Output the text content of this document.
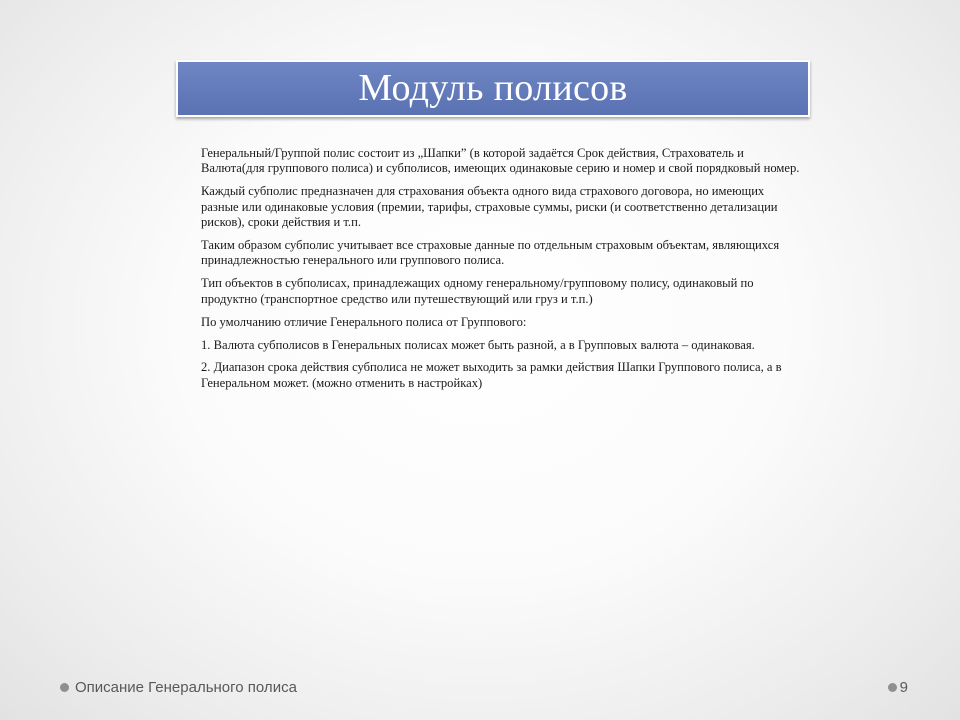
Модуль полисов

Генеральный/Группой полис состоит из „Шапки” (в которой задаётся Срок действия, Страхователь и Валюта(для группового полиса) и субполисов, имеющих одинаковые серию и номер и свой порядковый номер.

Каждый субполис предназначен для страхования объекта одного вида страхового договора, но имеющих разные или одинаковые условия (премии, тарифы, страховые суммы, риски (и соответственно детализации рисков), сроки действия и т.п.

Таким образом субполис учитывает все страховые данные по отдельным страховым объектам, являющихся принадлежностью генерального или группового полиса.

Тип объектов в субполисах, принадлежащих одному генеральному/групповому полису, одинаковый по продуктно (транспортное средство или путешествующий или груз и т.п.)

По умолчанию отличие Генерального полиса от Группового:

1. Валюта субполисов в Генеральных полисах может быть разной, а в Групповых валюта – одинаковая.

2. Диапазон срока действия субполиса не может выходить за рамки действия Шапки Группового полиса, а в Генеральном может. (можно отменить в настройках)

Описание Генерального полиса	9
